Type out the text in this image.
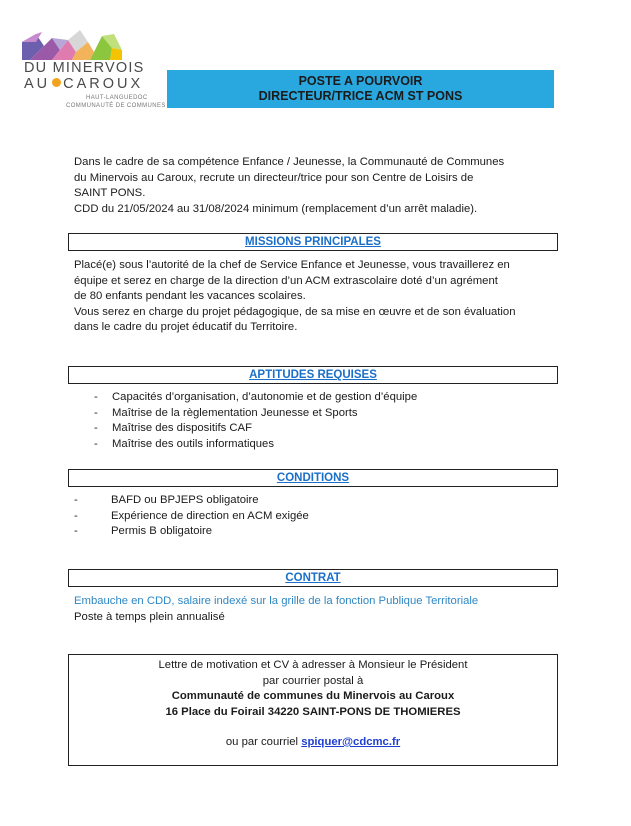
DU MINERVOIS
AU CAROUX
HAUT-LANGUEDOC
COMMUNAUTÉ DE COMMUNES
POSTE A POURVOIR
DIRECTEUR/TRICE ACM ST PONS

Dans le cadre de sa compétence Enfance / Jeunesse, la Communauté de Communes

du Minervois au Caroux, recrute un directeur/trice pour son Centre de Loisirs de

SAINT PONS.

CDD du 21/05/2024 au 31/08/2024 minimum (remplacement d’un arrêt maladie).

MISSIONS PRINCIPALES

Placé(e) sous l’autorité de la chef de Service Enfance et Jeunesse, vous travaillerez en

équipe et serez en charge de la direction d’un ACM extrascolaire doté d’un agrément

de 80 enfants pendant les vacances scolaires.

Vous serez en charge du projet pédagogique, de sa mise en œuvre et de son évaluation

dans le cadre du projet éducatif du Territoire.

APTITUDES REQUISES
- Capacités d’organisation, d’autonomie et de gestion d’équipe
- Maîtrise de la règlementation Jeunesse et Sports
- Maîtrise des dispositifs CAF
- Maîtrise des outils informatiques
CONDITIONS
-	BAFD ou BPJEPS obligatoire
-	Expérience de direction en ACM exigée
-	Permis B obligatoire
CONTRAT

Embauche en CDD, salaire indexé sur la grille de la fonction Publique Territoriale

Poste à temps plein annualisé

Lettre de motivation et CV à adresser à Monsieur le Président
par courrier postal à
Communauté de communes du Minervois au Caroux
16 Place du Foirail 34220 SAINT-PONS DE THOMIERES
ou par courriel spiquer@cdcmc.fr
